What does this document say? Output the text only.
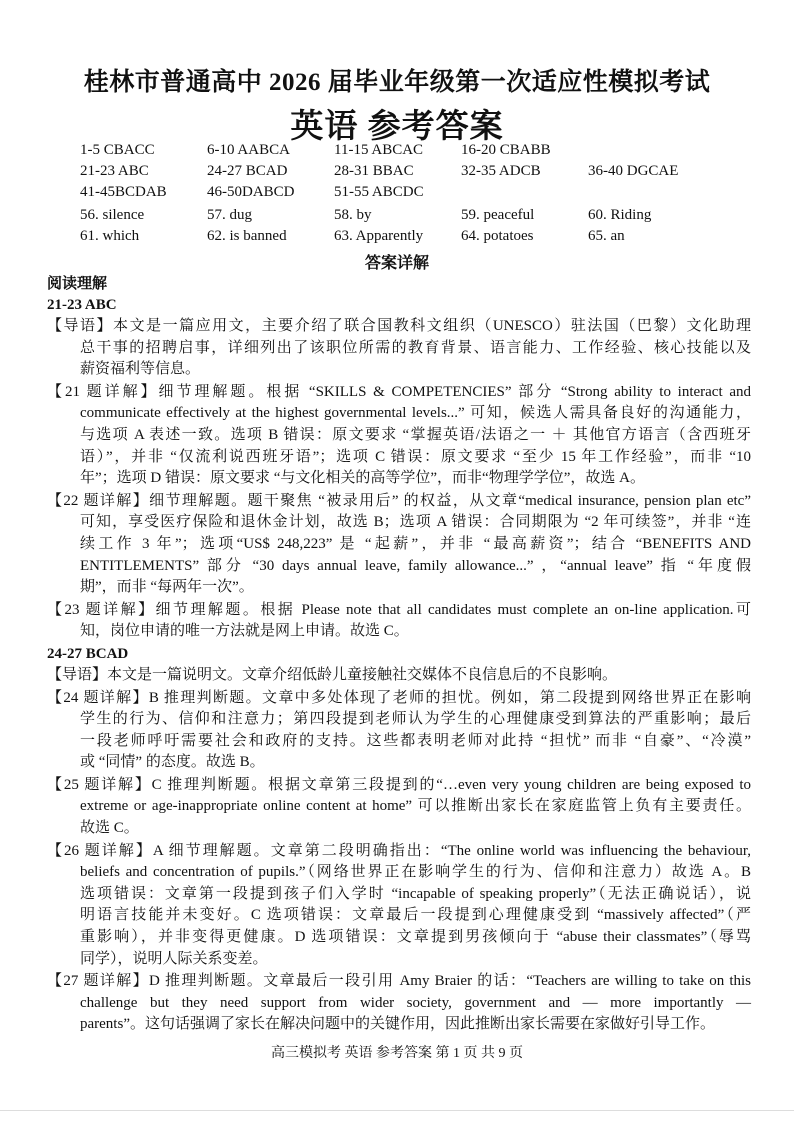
桂林市普通高中 2026 届毕业年级第一次适应性模拟考试
英语 参考答案
1-5 CBACC	6-10 AABCA	11-15 ABCAC	16-20 CBABB
21-23 ABC	24-27 BCAD	28-31 BBAC	32-35 ADCB	36-40 DGCAE
41-45BCDAB	46-50DABCD	51-55 ABCDC
56. silence	57. dug	58. by	59. peaceful	60. Riding
61. which	62. is banned	63. Apparently	64. potatoes	65. an
答案详解
阅读理解
21-23 ABC
【导语】本文是一篇应用文，主要介绍了联合国教科文组织（UNESCO）驻法国（巴黎）文化助理
总干事的招聘启事，详细列出了该职位所需的教育背景、语言能力、工作经验、核心技能以及
薪资福利等信息。
【21 题详解】细节理解题。根据 “SKILLS & COMPETENCIES” 部分 “Strong ability to interact and
communicate effectively at the highest governmental levels...” 可知，候选人需具备良好的沟通能力，
与选项 A 表述一致。选项 B 错误：原文要求 “掌握英语/法语之一 ＋ 其他官方语言（含西班牙
语）”，并非 “仅流利说西班牙语”；选项 C 错误：原文要求 “至少 15 年工作经验”，而非 “10
年”；选项 D 错误：原文要求 “与文化相关的高等学位”，而非“物理学学位”，故选 A。
【22 题详解】细节理解题。题干聚焦 “被录用后” 的权益，从文章“medical insurance, pension plan etc”
可知，享受医疗保险和退休金计划，故选 B；选项 A 错误：合同期限为 “2 年可续签”，并非 “连
续工作 3 年”；选项“US$ 248,223” 是 “起薪”，并非 “最高薪资”；结合 “BENEFITS AND
ENTITLEMENTS” 部分 “30 days annual leave, family allowance...” ，“annual leave” 指 “年度假
期”，而非 “每两年一次”。
【23 题详解】细节理解题。根据 Please note that all candidates must complete an on-line application.可
知，岗位申请的唯一方法就是网上申请。故选 C。
24-27 BCAD
【导语】本文是一篇说明文。文章介绍低龄儿童接触社交媒体不良信息后的不良影响。
【24 题详解】B 推理判断题。文章中多处体现了老师的担忧。例如，第二段提到网络世界正在影响
学生的行为、信仰和注意力；第四段提到老师认为学生的心理健康受到算法的严重影响；最后
一段老师呼吁需要社会和政府的支持。这些都表明老师对此持 “担忧” 而非 “自豪”、“冷漠”
或 “同情” 的态度。故选 B。
【25 题详解】C 推理判断题。根据文章第三段提到的“…even very young children are being exposed to
extreme or age-inappropriate online content at home” 可以推断出家长在家庭监管上负有主要责任。
故选 C。
【26 题详解】A 细节理解题。文章第二段明确指出：“The online world was influencing the behaviour,
beliefs and concentration of pupils.”（网络世界正在影响学生的行为、信仰和注意力）故选 A。B
选项错误：文章第一段提到孩子们入学时 “incapable of speaking properly”（无法正确说话），说
明语言技能并未变好。C 选项错误：文章最后一段提到心理健康受到 “massively affected”（严
重影响），并非变得更健康。D 选项错误：文章提到男孩倾向于 “abuse their classmates”（辱骂
同学），说明人际关系变差。
【27 题详解】D 推理判断题。文章最后一段引用 Amy Braier 的话：“Teachers are willing to take on this
challenge but they need support from wider society, government and — more importantly —
parents”。这句话强调了家长在解决问题中的关键作用，因此推断出家长需要在家做好引导工作。
高三模拟考 英语 参考答案 第 1 页 共 9 页
